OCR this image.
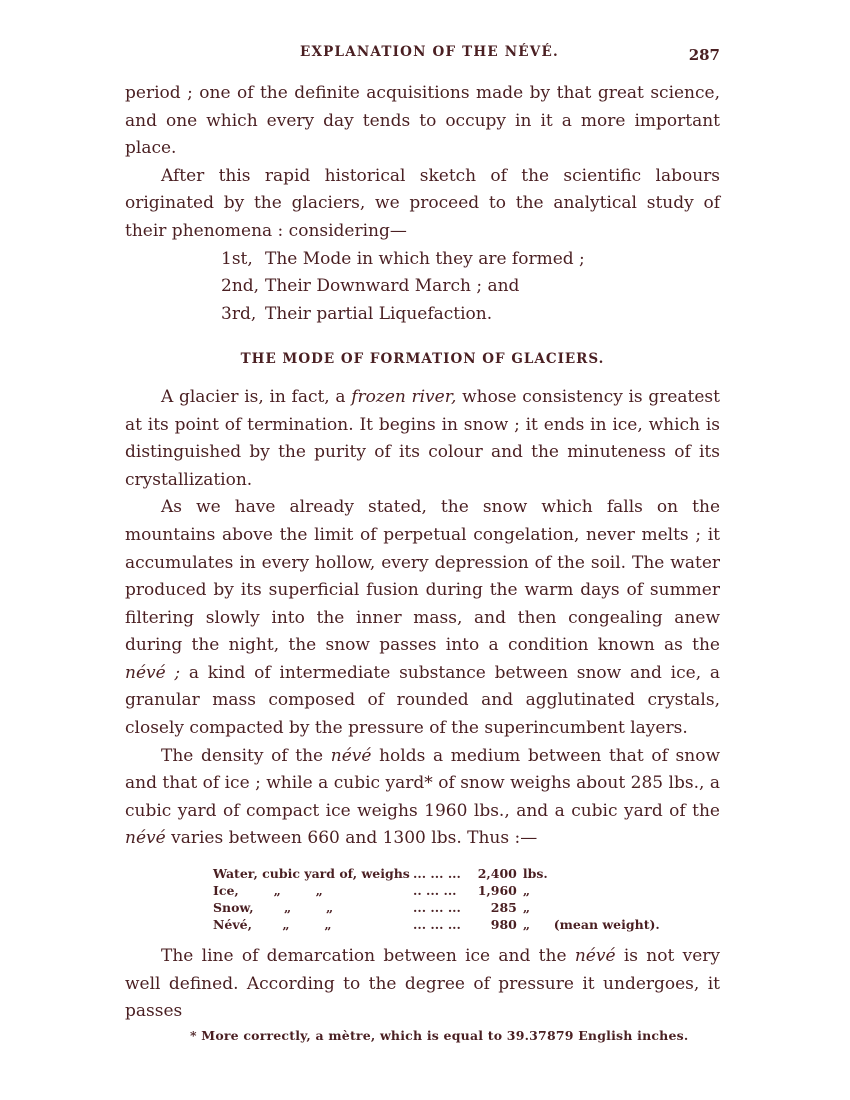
EXPLANATION OF THE NÉVÉ.	287

period ; one of the definite acquisitions made by that great science, and one which every day tends to occupy in it a more important place.

After this rapid historical sketch of the scientific labours originated by the glaciers, we proceed to the analytical study of their phenomena : considering—

1st, The Mode in which they are formed ;
2nd, Their Downward March ; and
3rd, Their partial Liquefaction.
THE MODE OF FORMATION OF GLACIERS.

A glacier is, in fact, a frozen river, whose consistency is greatest at its point of termination. It begins in snow ; it ends in ice, which is distinguished by the purity of its colour and the minuteness of its crystallization.

As we have already stated, the snow which falls on the mountains above the limit of perpetual congelation, never melts ; it accumulates in every hollow, every depression of the soil. The water produced by its superficial fusion during the warm days of summer filtering slowly into the inner mass, and then congealing anew during the night, the snow passes into a condition known as the névé ; a kind of intermediate substance between snow and ice, a granular mass composed of rounded and agglutinated crystals, closely compacted by the pressure of the superincumbent layers.

The density of the névé holds a medium between that of snow and that of ice ; while a cubic yard* of snow weighs about 285 lbs., a cubic yard of compact ice weighs 1960 lbs., and a cubic yard of the névé varies between 660 and 1300 lbs. Thus :—

Water, cubic yard of, weighs	... ... ...	2,400	lbs.	
Ice,        „        „	.. ... ...	1,960	„	
Snow,       „        „	... ... ...	285	„	
Névé,       „        „	... ... ...	980	„	(mean weight).

The line of demarcation between ice and the névé is not very well defined. According to the degree of pressure it undergoes, it passes

* More correctly, a mètre, which is equal to 39.37879 English inches.
